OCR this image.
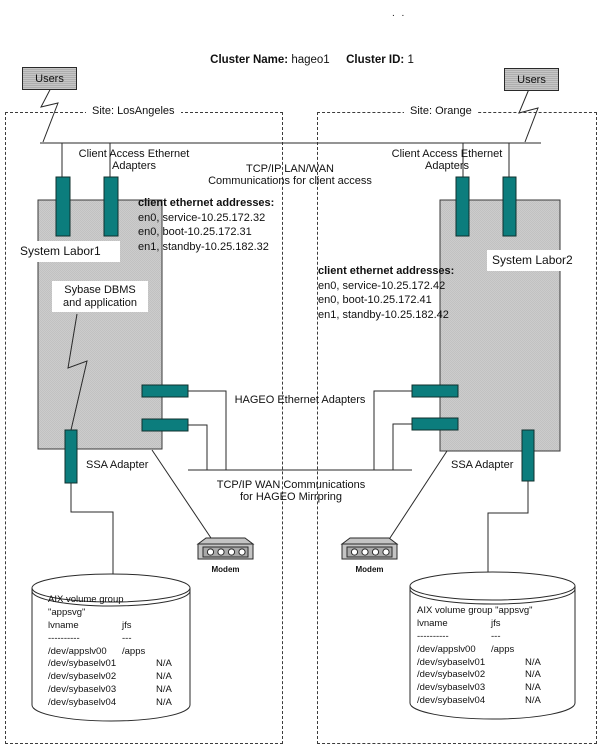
Cluster Name: hageo1 Cluster ID: 1
. .
Users	Users
Site: LosAngeles	Site: Orange
Client Access Ethernet
Adapters
Client Access Ethernet
Adapters
TCP/IP LAN/WAN
Communications for client access
client ethernet addresses:
en0, service-10.25.172.32
en0, boot-10.25.172.31
en1, standby-10.25.182.32
client ethernet addresses:
en0, service-10.25.172.42
en0, boot-10.25.172.41
en1, standby-10.25.182.42
System Labor1
System Labor2
Sybase DBMS
and application
HAGEO Ethernet Adapters
TCP/IP WAN Communications
for HAGEO Mirrpring
SSA Adapter	SSA Adapter
Modem	Modem
AIX volume group
"appsvg"
lvname	jfs
----------	---
/dev/appslv00 /apps
/dev/sybaselv01	N/A
/dev/sybaselv02	N/A
/dev/sybaselv03	N/A
/dev/sybaselv04	N/A
AIX volume group "appsvg"
lvname	jfs
----------	---
/dev/appslv00 /apps
/dev/sybaselv01	N/A
/dev/sybaselv02	N/A
/dev/sybaselv03	N/A
/dev/sybaselv04	N/A
